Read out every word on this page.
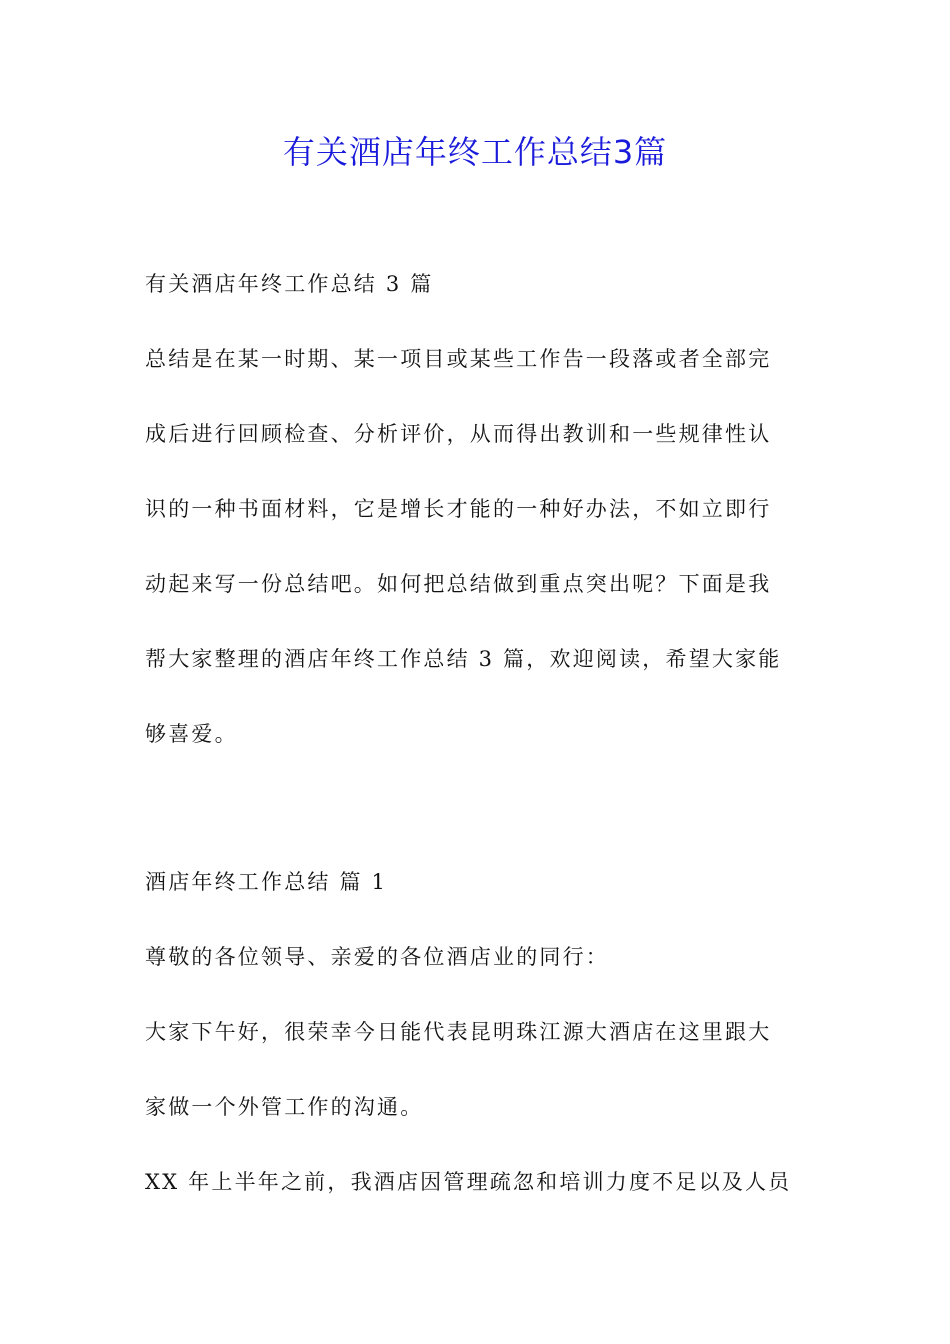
有关酒店年终工作总结3篇

有关酒店年终工作总结 3 篇

总结是在某一时期、某一项目或某些工作告一段落或者全部完

成后进行回顾检查、分析评价，从而得出教训和一些规律性认

识的一种书面材料，它是增长才能的一种好办法，不如立即行

动起来写一份总结吧。如何把总结做到重点突出呢？下面是我

帮大家整理的酒店年终工作总结 3 篇，欢迎阅读，希望大家能

够喜爱。

酒店年终工作总结 篇 1

尊敬的各位领导、亲爱的各位酒店业的同行：

大家下午好，很荣幸今日能代表昆明珠江源大酒店在这里跟大

家做一个外管工作的沟通。

XX 年上半年之前，我酒店因管理疏忽和培训力度不足以及人员
